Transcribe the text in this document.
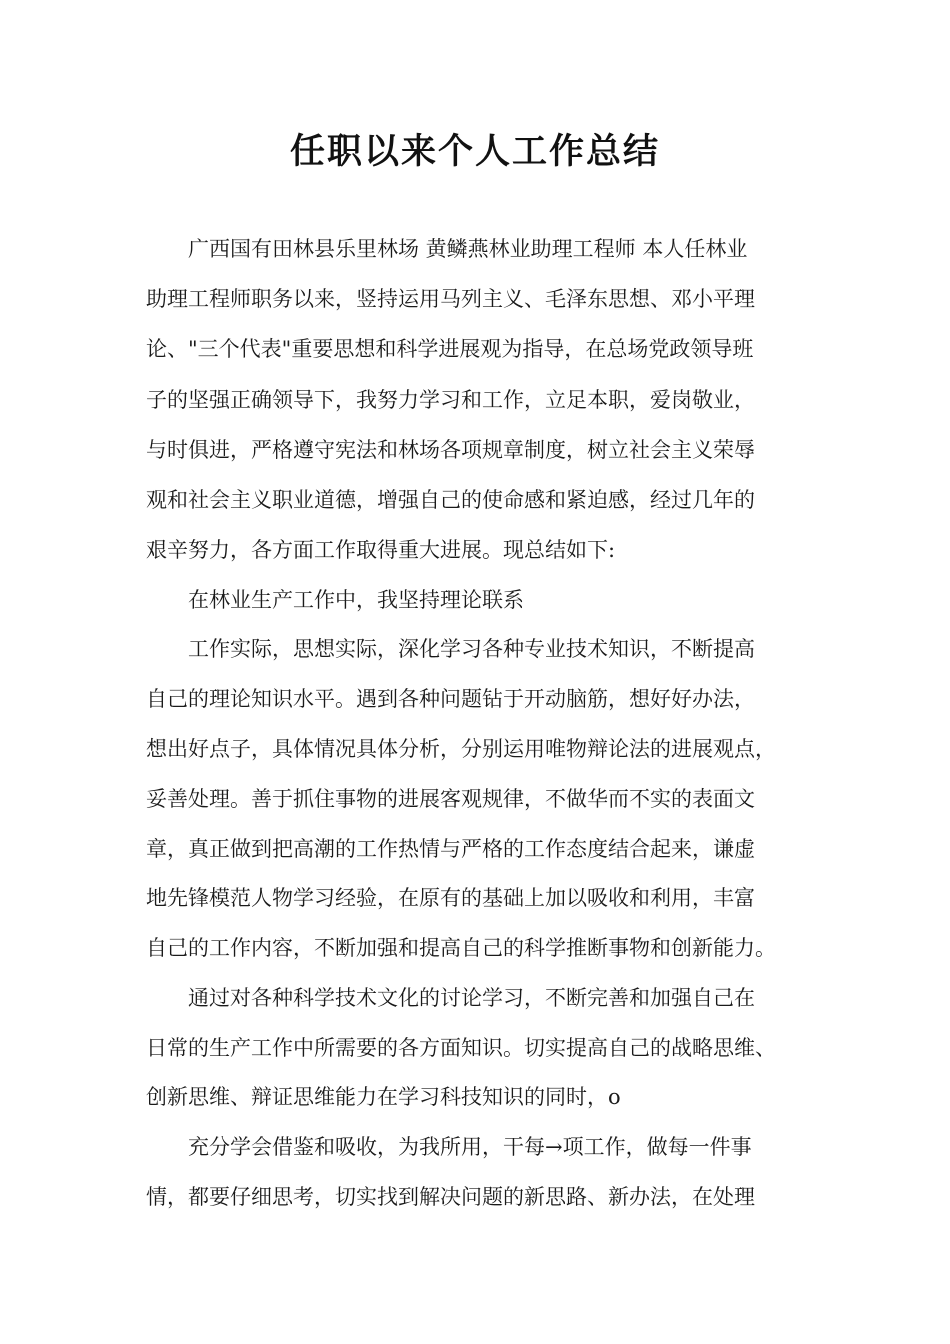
任职以来个人工作总结
广西国有田林县乐里林场 黄鳞燕林业助理工程师 本人任林业
助理工程师职务以来，竖持运用马列主义、毛泽东思想、邓小平理
论、"三个代表"重要思想和科学进展观为指导，在总场党政领导班
子的坚强正确领导下，我努力学习和工作，立足本职，爱岗敬业，
与时俱进，严格遵守宪法和林场各项规章制度，树立社会主义荣辱
观和社会主义职业道德，增强自己的使命感和紧迫感，经过几年的
艰辛努力，各方面工作取得重大进展。现总结如下:
在林业生产工作中，我坚持理论联系
工作实际，思想实际，深化学习各种专业技术知识，不断提高
自己的理论知识水平。遇到各种问题钻于开动脑筋，想好好办法，
想出好点子，具体情况具体分析，分别运用唯物辩论法的进展观点，
妥善处理。善于抓住事物的进展客观规律，不做华而不实的表面文
章，真正做到把高潮的工作热情与严格的工作态度结合起来，谦虚
地先锋模范人物学习经验，在原有的基础上加以吸收和利用，丰富
自己的工作内容，不断加强和提高自己的科学推断事物和创新能力。
通过对各种科学技术文化的讨论学习，不断完善和加强自己在
日常的生产工作中所需要的各方面知识。切实提高自己的战略思维、
创新思维、辩证思维能力在学习科技知识的同时，o
充分学会借鉴和吸收，为我所用，干每→项工作，做每一件事
情，都要仔细思考，切实找到解决问题的新思路、新办法，在处理
